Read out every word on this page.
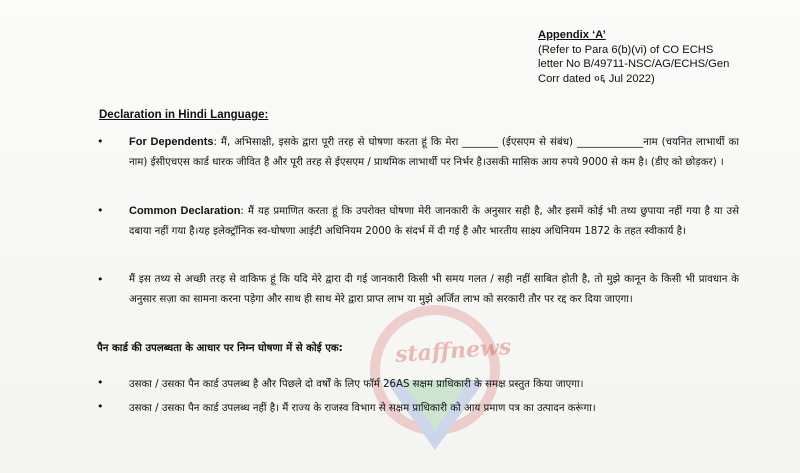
staffnews
Appendix ‘A’
(Refer to Para 6(b)(vi) of CO ECHS
letter No B/49711-NSC/AG/ECHS/Gen
Corr dated ०६ Jul 2022)
Declaration in Hindi Language:
•	For Dependents: मैं, अभिसाक्षी, इसके द्वारा पूरी तरह से घोषणा करता हूं कि मेरा _______ (ईएसएम से संबंध) _____________नाम (चयनित लाभार्थी का नाम) ईसीएचएस कार्ड धारक जीवित है और पूरी तरह से ईएसएम / प्राथमिक लाभार्थी पर निर्भर है।उसकी मासिक आय रुपये 9000 से कम है। (डीए को छोड़कर) ।
•	Common Declaration: मैं यह प्रमाणित करता हूं कि उपरोक्त घोषणा मेरी जानकारी के अनुसार सही है, और इसमें कोई भी तथ्य छुपाया नहीं गया है या उसे दबाया नहीं गया है।यह इलेक्ट्रॉनिक स्व-घोषणा आईटी अधिनियम 2000 के संदर्भ में दी गई है और भारतीय साक्ष्य अधिनियम 1872 के तहत स्वीकार्य है।
•	मैं इस तथ्य से अच्छी तरह से वाकिफ हूं कि यदि मेरे द्वारा दी गई जानकारी किसी भी समय गलत / सही नहीं साबित होती है, तो मुझे कानून के किसी भी प्रावधान के अनुसार सज़ा का सामना करना पड़ेगा और साथ ही साथ मेरे द्वारा प्राप्त लाभ या मुझे अर्जित लाभ को सरकारी तौर पर रद्द कर दिया जाएगा।
पैन कार्ड की उपलब्धता के आधार पर निम्न घोषणा में से कोई एक:
•	उसका / उसका पैन कार्ड उपलब्ध है और पिछले दो वर्षों के लिए फॉर्म 26AS सक्षम प्राधिकारी के समक्ष प्रस्तुत किया जाएगा।
•	उसका / उसका पैन कार्ड उपलब्ध नहीं है। मैं राज्य के राजस्व विभाग से सक्षम प्राधिकारी को आय प्रमाण पत्र का उत्पादन करूंगा।
